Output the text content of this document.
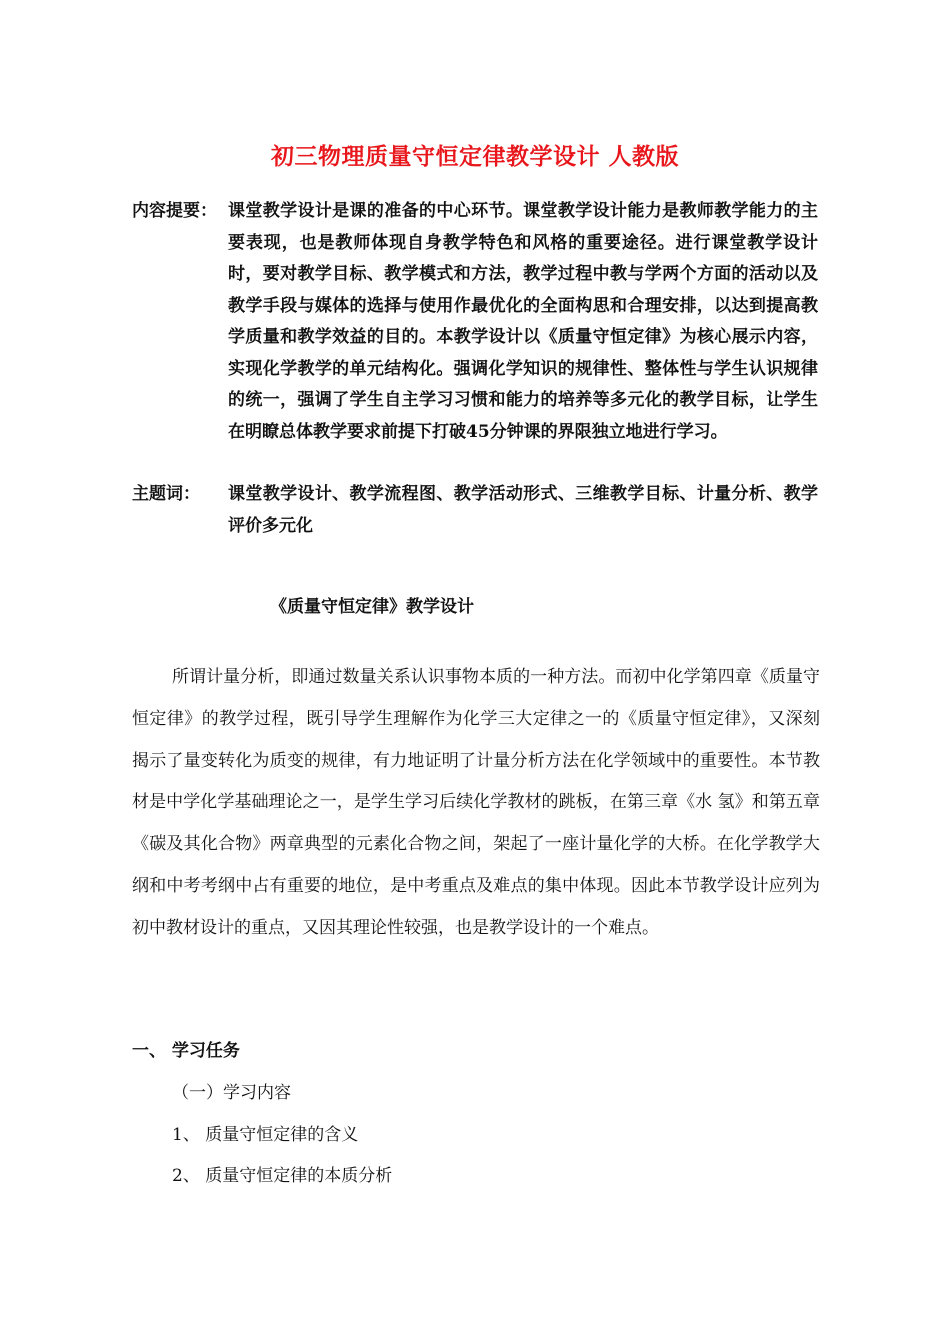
初三物理质量守恒定律教学设计 人教版
内容提要： 课堂教学设计是课的准备的中心环节。课堂教学设计能力是教师教学能力的主要表现，也是教师体现自身教学特色和风格的重要途径。进行课堂教学设计时，要对教学目标、教学模式和方法，教学过程中教与学两个方面的活动以及教学手段与媒体的选择与使用作最优化的全面构思和合理安排，以达到提高教学质量和教学效益的目的。本教学设计以《质量守恒定律》为核心展示内容，实现化学教学的单元结构化。强调化学知识的规律性、整体性与学生认识规律的统一，强调了学生自主学习习惯和能力的培养等多元化的教学目标，让学生在明瞭总体教学要求前提下打破45分钟课的界限独立地进行学习。
主题词： 课堂教学设计、教学流程图、教学活动形式、三维教学目标、计量分析、教学评价多元化
《质量守恒定律》教学设计
所谓计量分析，即通过数量关系认识事物本质的一种方法。而初中化学第四章《质量守恒定律》的教学过程，既引导学生理解作为化学三大定律之一的《质量守恒定律》，又深刻揭示了量变转化为质变的规律，有力地证明了计量分析方法在化学领域中的重要性。本节教材是中学化学基础理论之一，是学生学习后续化学教材的跳板，在第三章《水 氢》和第五章《碳及其化合物》两章典型的元素化合物之间，架起了一座计量化学的大桥。在化学教学大纲和中考考纲中占有重要的地位，是中考重点及难点的集中体现。因此本节教学设计应列为初中教材设计的重点，又因其理论性较强，也是教学设计的一个难点。
一、 学习任务
（一）学习内容
1、 质量守恒定律的含义
2、 质量守恒定律的本质分析
